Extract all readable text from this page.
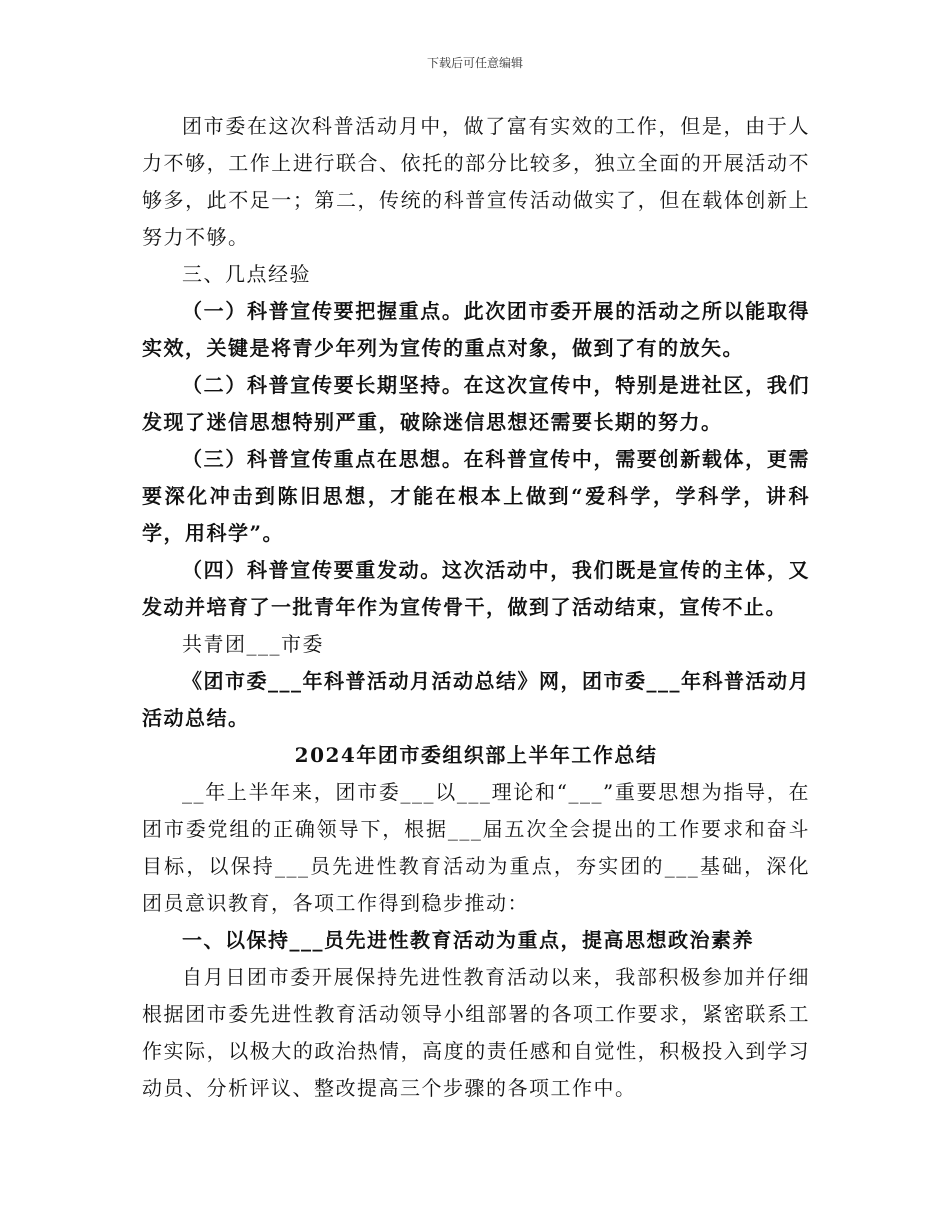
下载后可任意编辑

团市委在这次科普活动月中，做了富有实效的工作，但是，由于人力不够，工作上进行联合、依托的部分比较多，独立全面的开展活动不够多，此不足一；第二，传统的科普宣传活动做实了，但在载体创新上努力不够。

三、几点经验

（一）科普宣传要把握重点。此次团市委开展的活动之所以能取得实效，关键是将青少年列为宣传的重点对象，做到了有的放矢。

（二）科普宣传要长期坚持。在这次宣传中，特别是进社区，我们发现了迷信思想特别严重，破除迷信思想还需要长期的努力。

（三）科普宣传重点在思想。在科普宣传中，需要创新载体，更需要深化冲击到陈旧思想，才能在根本上做到“爱科学，学科学，讲科学，用科学”。

（四）科普宣传要重发动。这次活动中，我们既是宣传的主体，又发动并培育了一批青年作为宣传骨干，做到了活动结束，宣传不止。

共青团___市委

《团市委___年科普活动月活动总结》网，团市委___年科普活动月活动总结。

2024年团市委组织部上半年工作总结

__年上半年来，团市委___以___理论和“___”重要思想为指导，在团市委党组的正确领导下，根据___届五次全会提出的工作要求和奋斗目标，以保持___员先进性教育活动为重点，夯实团的___基础，深化团员意识教育，各项工作得到稳步推动：

一、以保持___员先进性教育活动为重点，提高思想政治素养

自月日团市委开展保持先进性教育活动以来，我部积极参加并仔细根据团市委先进性教育活动领导小组部署的各项工作要求，紧密联系工作实际，以极大的政治热情，高度的责任感和自觉性，积极投入到学习动员、分析评议、整改提高三个步骤的各项工作中。
